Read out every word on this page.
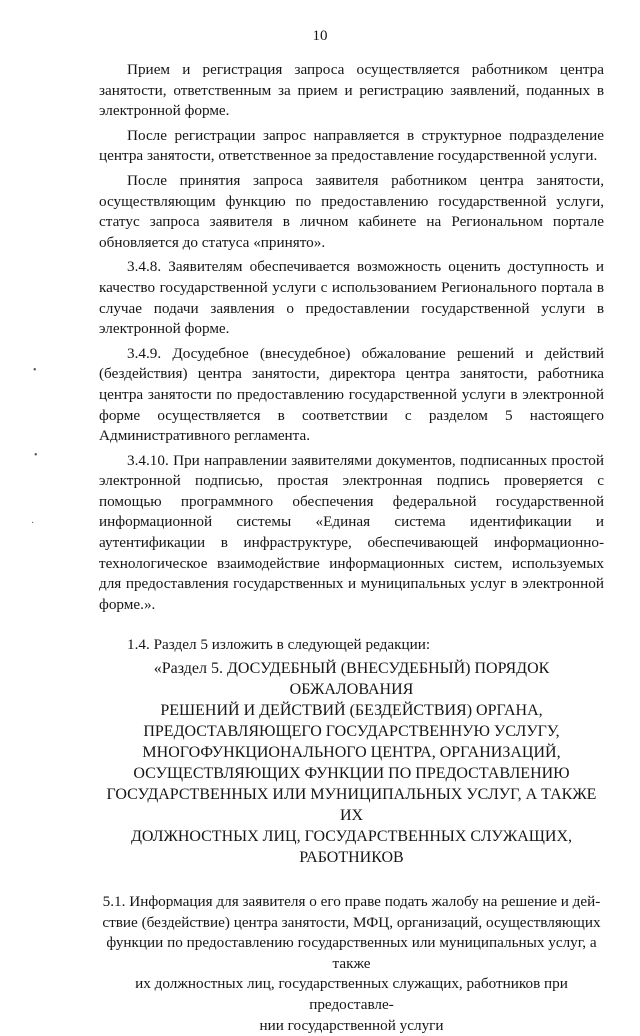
10

Прием и регистрация запроса осуществляется работником центра занятости, ответственным за прием и регистрацию заявлений, поданных в электронной форме.

После регистрации запрос направляется в структурное подразделение центра занятости, ответственное за предоставление государственной услуги.

После принятия запроса заявителя работником центра занятости, осуществляющим функцию по предоставлению государственной услуги, статус запроса заявителя в личном кабинете на Региональном портале обновляется до статуса «принято».

3.4.8. Заявителям обеспечивается возможность оценить доступность и качество государственной услуги с использованием Регионального портала в случае подачи заявления о предоставлении государственной услуги в электронной форме.

3.4.9. Досудебное (внесудебное) обжалование решений и действий (бездействия) центра занятости, директора центра занятости, работника центра занятости по предоставлению государственной услуги в электронной форме осуществляется в соответствии с разделом 5 настоящего Административного регламента.

3.4.10. При направлении заявителями документов, подписанных простой электронной подписью, простая электронная подпись проверяется с помощью программного обеспечения федеральной государственной информационной системы «Единая система идентификации и аутентификации в инфраструктуре, обеспечивающей информационно-технологическое взаимодействие информационных систем, используемых для предоставления государственных и муниципальных услуг в электронной форме.».

1.4. Раздел 5 изложить в следующей редакции:

«Раздел 5. ДОСУДЕБНЫЙ (ВНЕСУДЕБНЫЙ) ПОРЯДОК ОБЖАЛОВАНИЯ
РЕШЕНИЙ И ДЕЙСТВИЙ (БЕЗДЕЙСТВИЯ) ОРГАНА,
ПРЕДОСТАВЛЯЮЩЕГО ГОСУДАРСТВЕННУЮ УСЛУГУ,
МНОГОФУНКЦИОНАЛЬНОГО ЦЕНТРА, ОРГАНИЗАЦИЙ,
ОСУЩЕСТВЛЯЮЩИХ ФУНКЦИИ ПО ПРЕДОСТАВЛЕНИЮ
ГОСУДАРСТВЕННЫХ ИЛИ МУНИЦИПАЛЬНЫХ УСЛУГ, А ТАКЖЕ ИХ
ДОЛЖНОСТНЫХ ЛИЦ, ГОСУДАРСТВЕННЫХ СЛУЖАЩИХ, РАБОТНИКОВ
5.1. Информация для заявителя о его праве подать жалобу на решение и дей-
ствие (бездействие) центра занятости, МФЦ, организаций, осуществляющих
функции по предоставлению государственных или муниципальных услуг, а также
их должностных лиц, государственных служащих, работников при предоставле-
нии государственной услуги
•
•
·
